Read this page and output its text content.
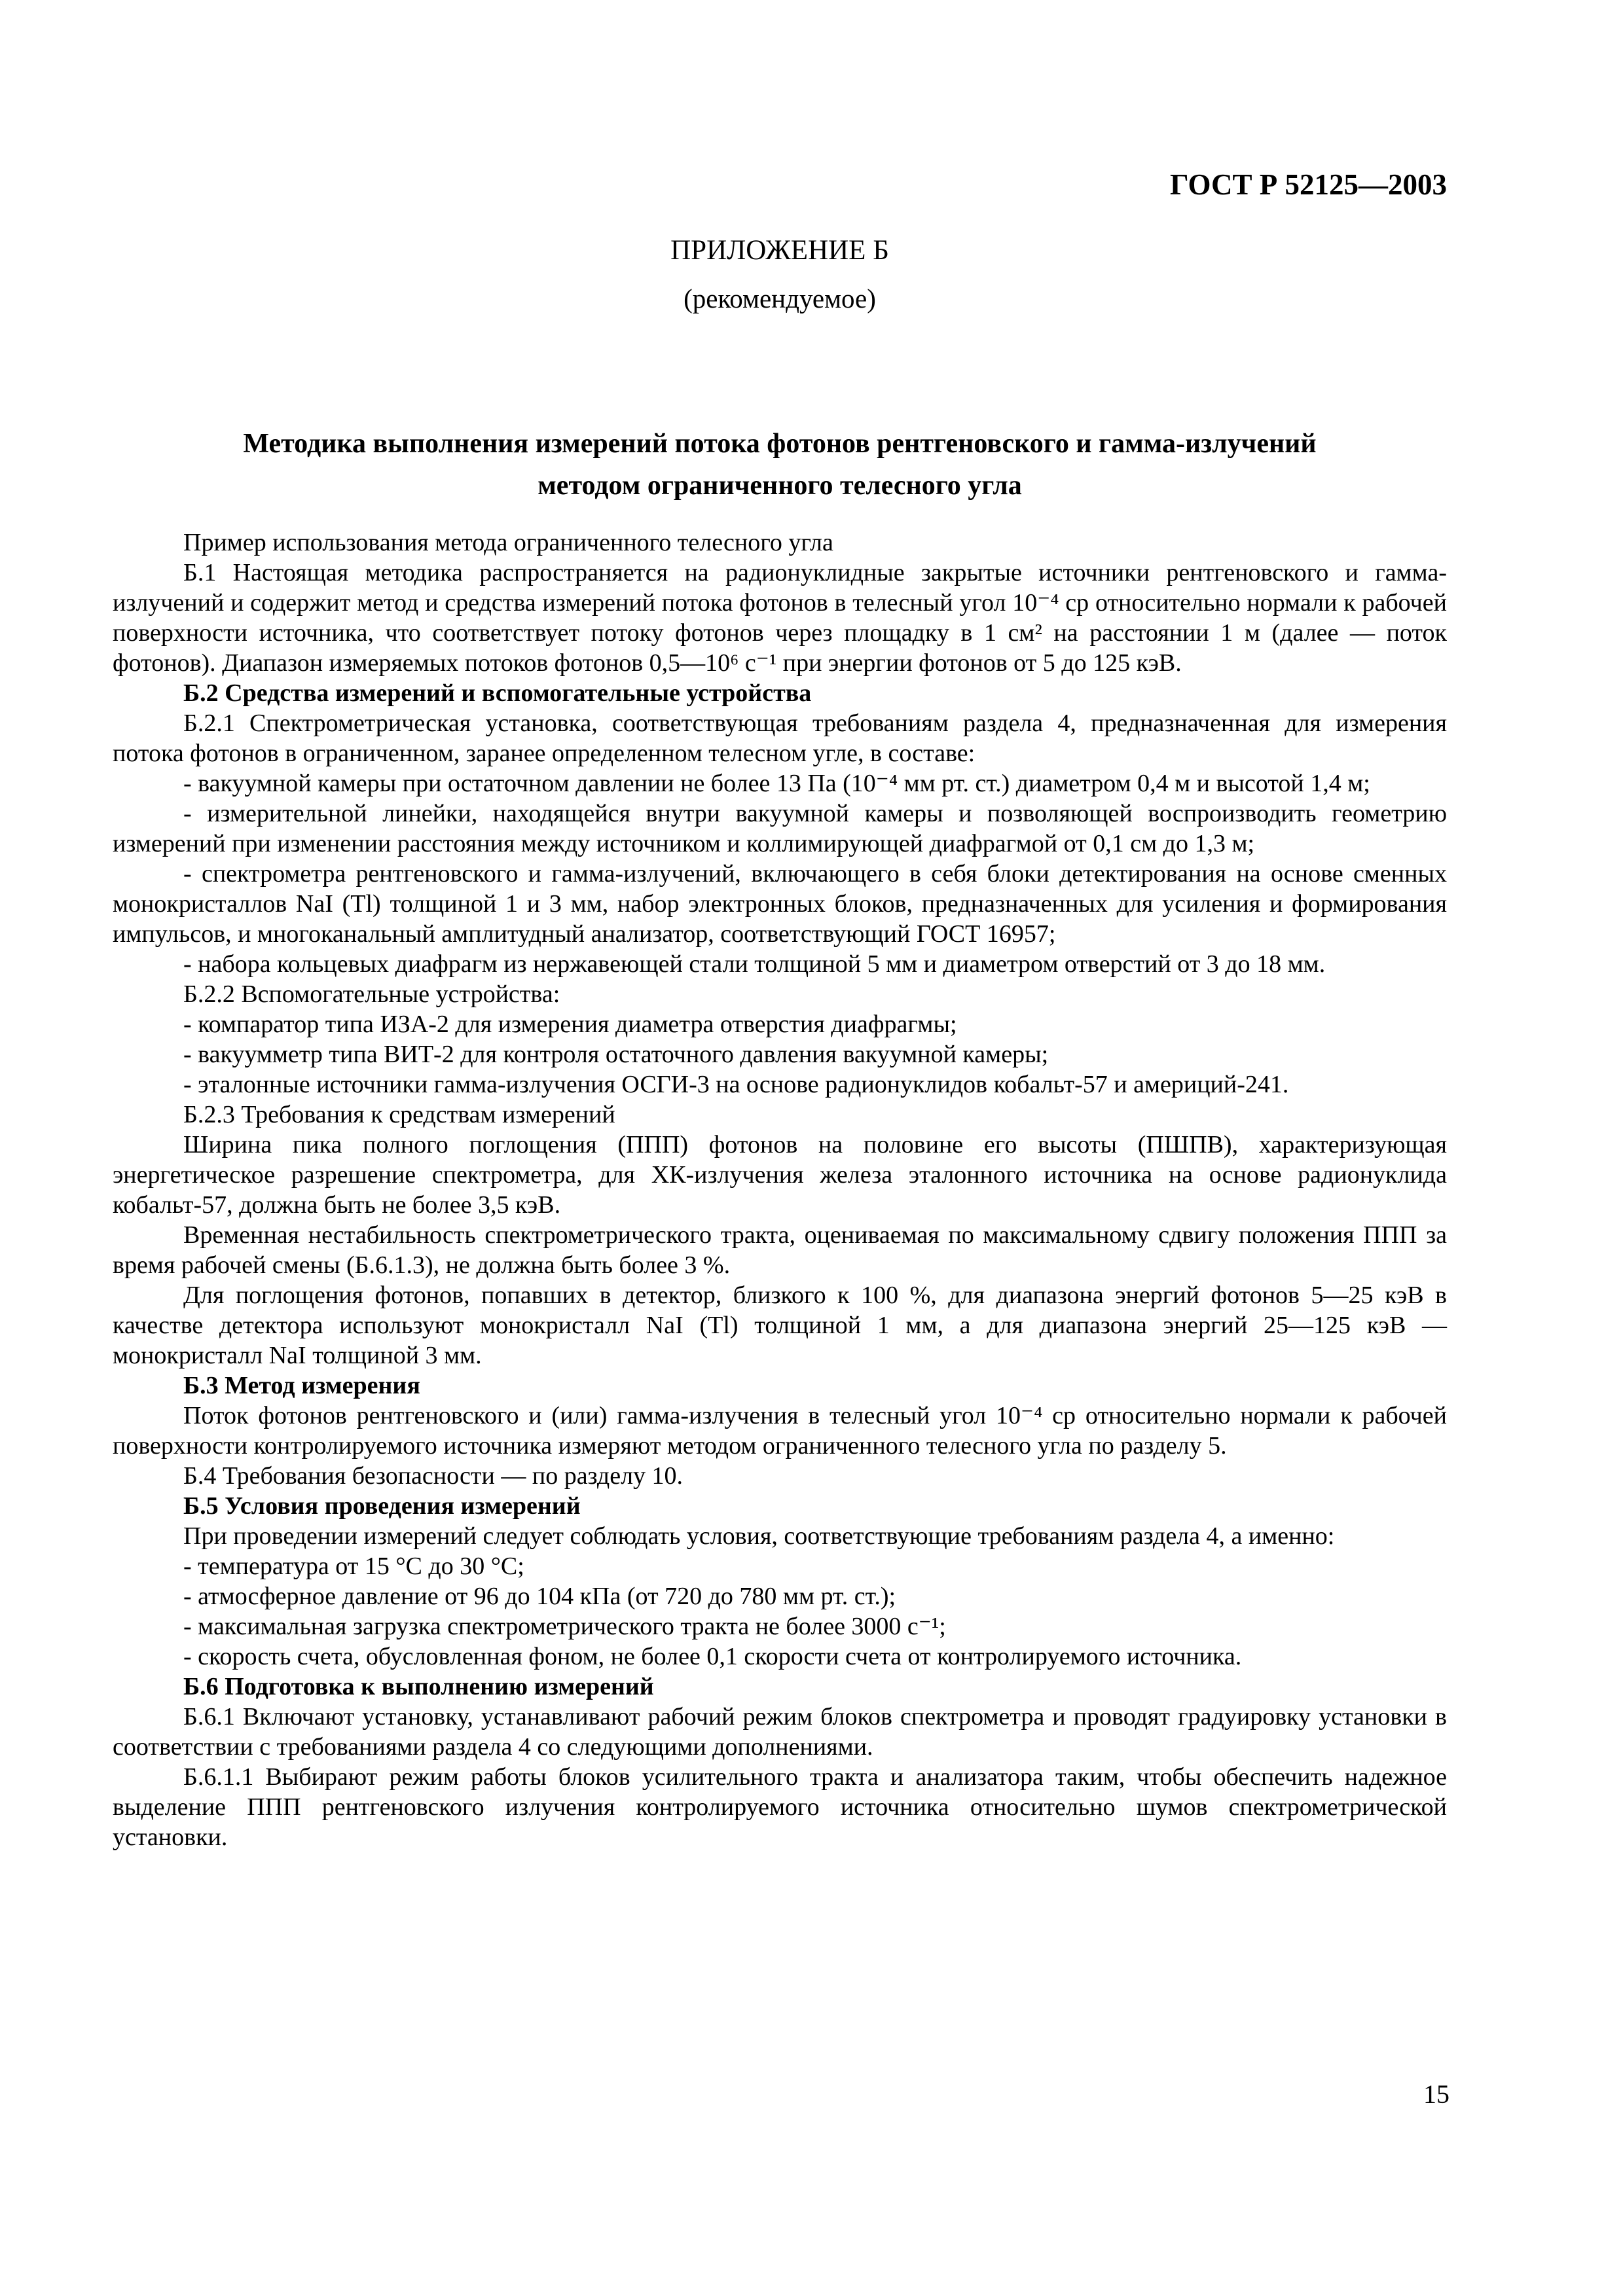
ГОСТ Р 52125—2003
ПРИЛОЖЕНИЕ Б
(рекомендуемое)
Методика выполнения измерений потока фотонов рентгеновского и гамма-излучений
методом ограниченного телесного угла

Пример использования метода ограниченного телесного угла

Б.1 Настоящая методика распространяется на радионуклидные закрытые источники рентгеновского и гамма-излучений и содержит метод и средства измерений потока фотонов в телесный угол 10⁻⁴ ср относительно нормали к рабочей поверхности источника, что соответствует потоку фотонов через площадку в 1 см² на расстоянии 1 м (далее — поток фотонов). Диапазон измеряемых потоков фотонов 0,5—10⁶ с⁻¹ при энергии фотонов от 5 до 125 кэВ.

Б.2 Средства измерений и вспомогательные устройства

Б.2.1 Спектрометрическая установка, соответствующая требованиям раздела 4, предназначенная для измерения потока фотонов в ограниченном, заранее определенном телесном угле, в составе:

- вакуумной камеры при остаточном давлении не более 13 Па (10⁻⁴ мм рт. ст.) диаметром 0,4 м и высотой 1,4 м;

- измерительной линейки, находящейся внутри вакуумной камеры и позволяющей воспроизводить геометрию измерений при изменении расстояния между источником и коллимирующей диафрагмой от 0,1 см до 1,3 м;

- спектрометра рентгеновского и гамма-излучений, включающего в себя блоки детектирования на основе сменных монокристаллов NaI (Tl) толщиной 1 и 3 мм, набор электронных блоков, предназначенных для усиления и формирования импульсов, и многоканальный амплитудный анализатор, соответствующий ГОСТ 16957;

- набора кольцевых диафрагм из нержавеющей стали толщиной 5 мм и диаметром отверстий от 3 до 18 мм.

Б.2.2 Вспомогательные устройства:

- компаратор типа ИЗА-2 для измерения диаметра отверстия диафрагмы;

- вакуумметр типа ВИТ-2 для контроля остаточного давления вакуумной камеры;

- эталонные источники гамма-излучения ОСГИ-3 на основе радионуклидов кобальт-57 и америций-241.

Б.2.3 Требования к средствам измерений

Ширина пика полного поглощения (ППП) фотонов на половине его высоты (ПШПВ), характеризующая энергетическое разрешение спектрометра, для ХК-излучения железа эталонного источника на основе радионуклида кобальт-57, должна быть не более 3,5 кэВ.

Временная нестабильность спектрометрического тракта, оцениваемая по максимальному сдвигу положения ППП за время рабочей смены (Б.6.1.3), не должна быть более 3 %.

Для поглощения фотонов, попавших в детектор, близкого к 100 %, для диапазона энергий фотонов 5—25 кэВ в качестве детектора используют монокристалл NaI (Tl) толщиной 1 мм, а для диапазона энергий 25—125 кэВ — монокристалл NaI толщиной 3 мм.

Б.3 Метод измерения

Поток фотонов рентгеновского и (или) гамма-излучения в телесный угол 10⁻⁴ ср относительно нормали к рабочей поверхности контролируемого источника измеряют методом ограниченного телесного угла по разделу 5.

Б.4 Требования безопасности — по разделу 10.

Б.5 Условия проведения измерений

При проведении измерений следует соблюдать условия, соответствующие требованиям раздела 4, а именно:

- температура от 15 °С до 30 °С;

- атмосферное давление от 96 до 104 кПа (от 720 до 780 мм рт. ст.);

- максимальная загрузка спектрометрического тракта не более 3000 с⁻¹;

- скорость счета, обусловленная фоном, не более 0,1 скорости счета от контролируемого источника.

Б.6 Подготовка к выполнению измерений

Б.6.1 Включают установку, устанавливают рабочий режим блоков спектрометра и проводят градуировку установки в соответствии с требованиями раздела 4 со следующими дополнениями.

Б.6.1.1 Выбирают режим работы блоков усилительного тракта и анализатора таким, чтобы обеспечить надежное выделение ППП рентгеновского излучения контролируемого источника относительно шумов спектрометрической установки.

15
